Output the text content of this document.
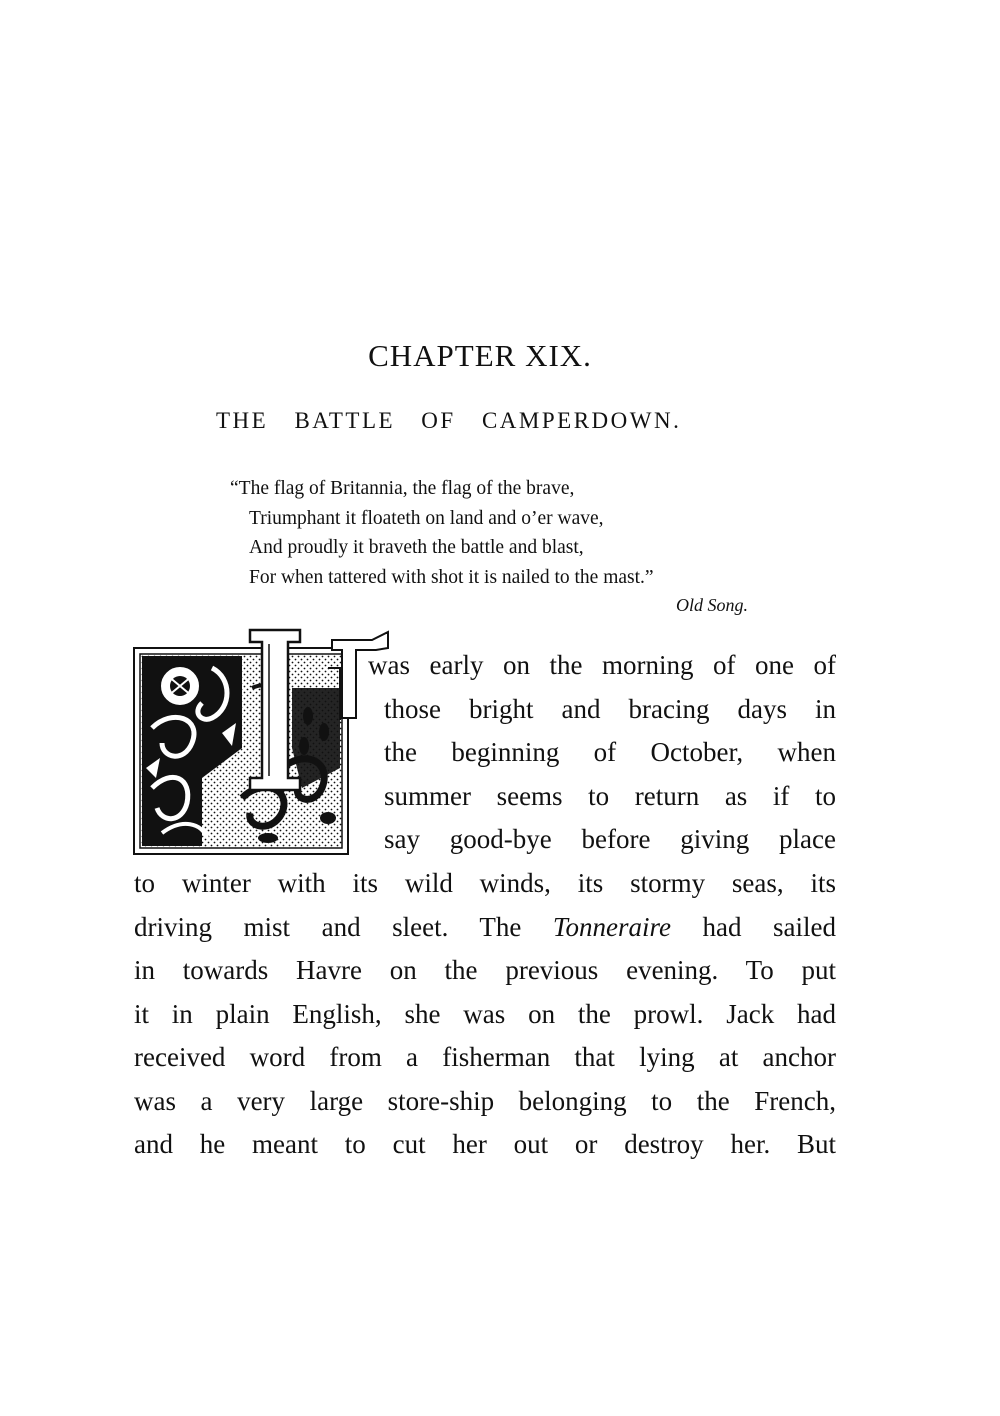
CHAPTER XIX.
THE BATTLE OF CAMPERDOWN.
“The flag of Britannia, the flag of the brave,
Triumphant it floateth on land and o’er wave,
And proudly it braveth the battle and blast,
For when tattered with shot it is nailed to the mast.”
Old Song.
was early on the morning of one of
those bright and bracing days in
the beginning of October, when
summer seems to return as if to
say good-bye before giving place
to winter with its wild winds, its stormy seas, its
driving mist and sleet. The Tonneraire had sailed
in towards Havre on the previous evening. To put
it in plain English, she was on the prowl. Jack had
received word from a fisherman that lying at anchor
was a very large store-ship belonging to the French,
and he meant to cut her out or destroy her. But
